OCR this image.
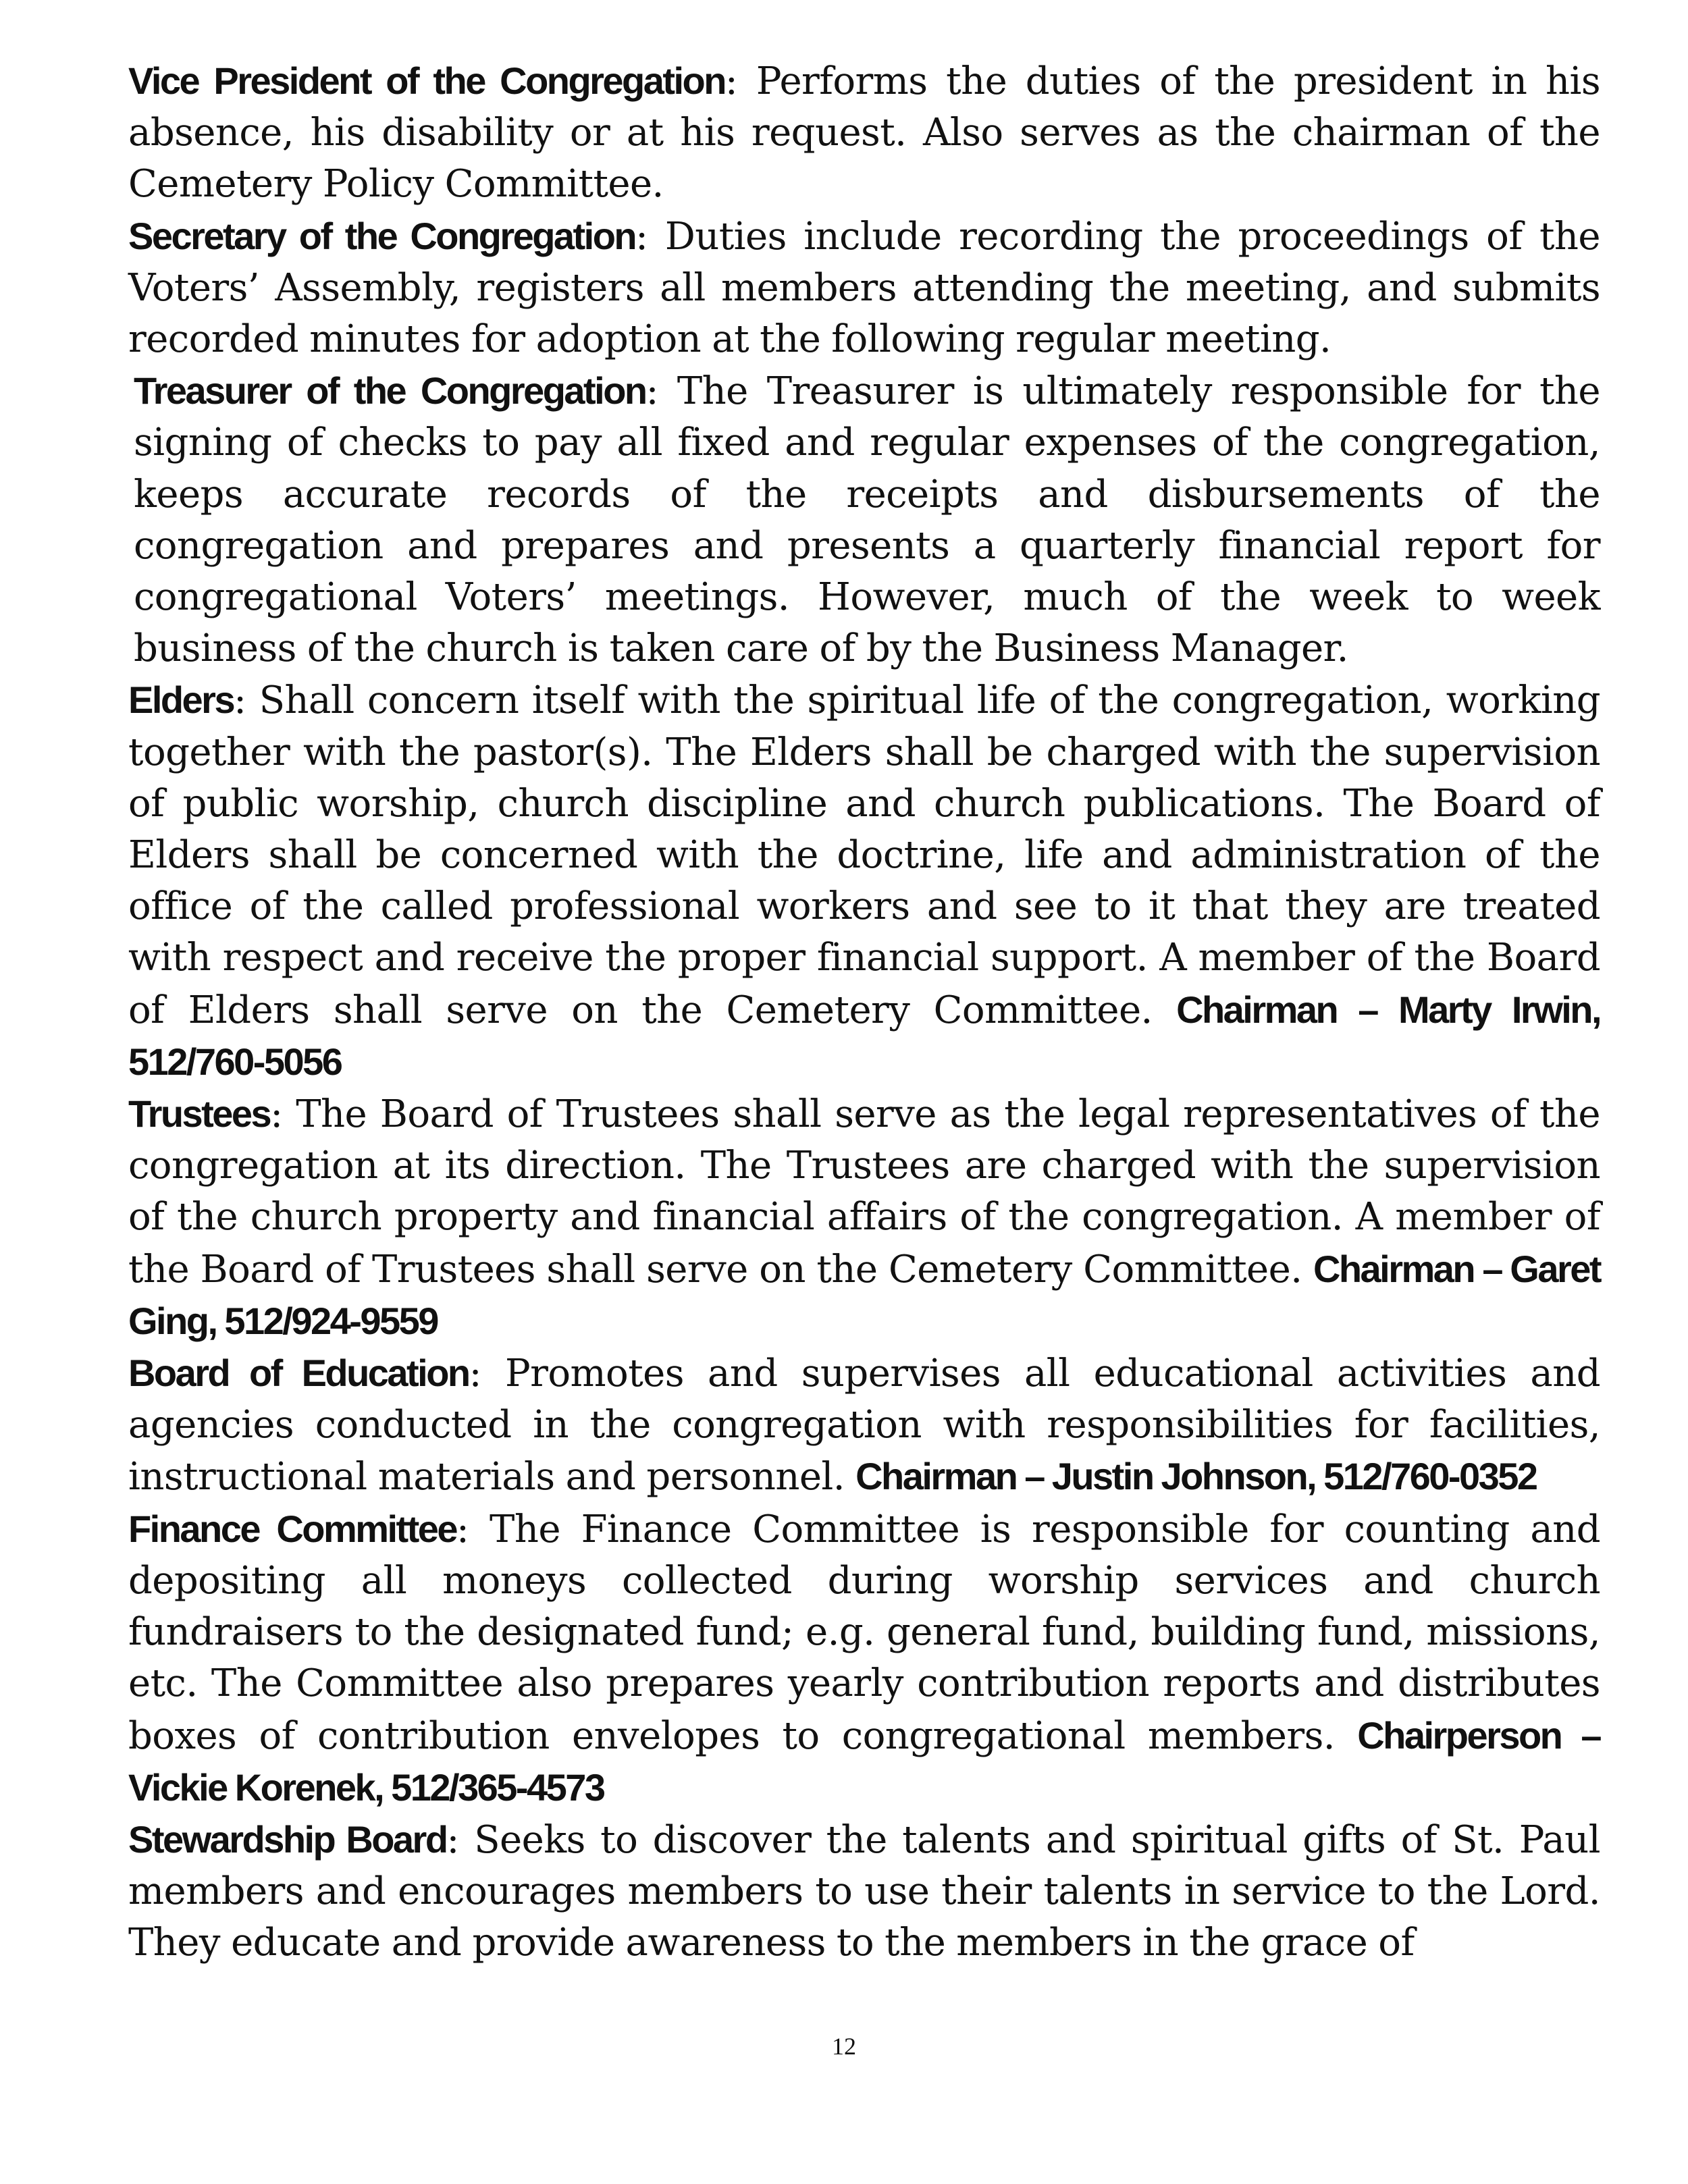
Vice President of the Congregation: Performs the duties of the president in his absence, his disability or at his request. Also serves as the chairman of the Cemetery Policy Committee.

Secretary of the Congregation: Duties include recording the proceedings of the Voters’ Assembly, registers all members attending the meeting, and submits recorded minutes for adoption at the following regular meeting.

Treasurer of the Congregation: The Treasurer is ultimately responsible for the signing of checks to pay all fixed and regular expenses of the congregation, keeps accurate records of the receipts and disbursements of the congregation and prepares and presents a quarterly financial report for congregational Voters’ meetings. However, much of the week to week business of the church is taken care of by the Business Manager.

Elders: Shall concern itself with the spiritual life of the congregation, working together with the pastor(s). The Elders shall be charged with the supervision of public worship, church discipline and church publications. The Board of Elders shall be concerned with the doctrine, life and administration of the office of the called professional workers and see to it that they are treated with respect and receive the proper financial support. A member of the Board of Elders shall serve on the Cemetery Committee. Chairman – Marty Irwin, 512/760-5056

Trustees: The Board of Trustees shall serve as the legal representatives of the congregation at its direction. The Trustees are charged with the supervision of the church property and financial affairs of the congregation. A member of the Board of Trustees shall serve on the Cemetery Committee. Chairman – Garet Ging, 512/924-9559

Board of Education: Promotes and supervises all educational activities and agencies conducted in the congregation with responsibilities for facilities, instructional materials and personnel. Chairman – Justin Johnson, 512/760-0352

Finance Committee: The Finance Committee is responsible for counting and depositing all moneys collected during worship services and church fundraisers to the designated fund; e.g. general fund, building fund, missions, etc. The Committee also prepares yearly contribution reports and distributes boxes of contribution envelopes to congregational members. Chairperson – Vickie Korenek, 512/365-4573

Stewardship Board: Seeks to discover the talents and spiritual gifts of St. Paul members and encourages members to use their talents in service to the Lord. They educate and provide awareness to the members in the grace of

12
